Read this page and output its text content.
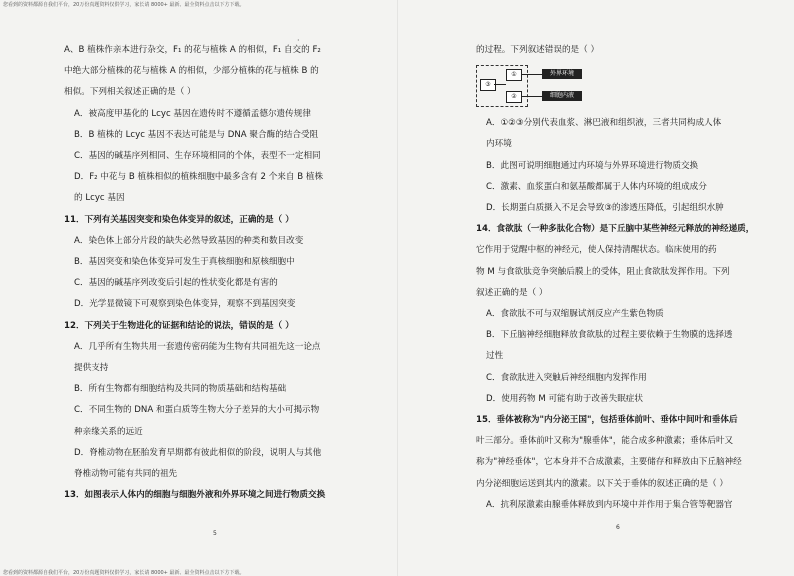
您看到的资料都源自我们平台，20万份真题资料仅供学习，家长请 8000+ 最新、最全资料点击以下方下载。
·

A、B 植株作亲本进行杂交，F₁ 的花与植株 A 的相似，F₁ 自交的 F₂

中绝大部分植株的花与植株 A 的相似，少部分植株的花与植株 B 的

相似。下列相关叙述正确的是（ ）

A．被高度甲基化的 Lcyc 基因在遗传时不遵循孟德尔遗传规律

B．B 植株的 Lcyc 基因不表达可能是与 DNA 聚合酶的结合受阻

C．基因的碱基序列相同、生存环境相同的个体，表型不一定相同

D．F₂ 中花与 B 植株相似的植株细胞中最多含有 2 个来自 B 植株

的 Lcyc 基因

11．下列有关基因突变和染色体变异的叙述，正确的是（ ）

A．染色体上部分片段的缺失必然导致基因的种类和数目改变

B．基因突变和染色体变异可发生于真核细胞和原核细胞中

C．基因的碱基序列改变后引起的性状变化都是有害的

D．光学显微镜下可观察到染色体变异，观察不到基因突变

12．下列关于生物进化的证据和结论的说法，错误的是（ ）

A．几乎所有生物共用一套遗传密码能为生物有共同祖先这一论点

提供支持

B．所有生物都有细胞结构及共同的物质基础和结构基础

C．不同生物的 DNA 和蛋白质等生物大分子差异的大小可揭示物

种亲缘关系的远近

D．脊椎动物在胚胎发育早期都有彼此相似的阶段，说明人与其他

脊椎动物可能有共同的祖先

13．如图表示人体内的细胞与细胞外液和外界环境之间进行物质交换

5

的过程。下列叙述错误的是（ ）

①
②
③
外界环境
细胞内液

A．①②③分别代表血浆、淋巴液和组织液，三者共同构成人体

内环境

B．此图可说明细胞通过内环境与外界环境进行物质交换

C．激素、血浆蛋白和氨基酸都属于人体内环境的组成成分

D．长期蛋白质摄入不足会导致③的渗透压降低，引起组织水肿

14．食欲肽（一种多肽化合物）是下丘脑中某些神经元释放的神经递质，

它作用于觉醒中枢的神经元，使人保持清醒状态。临床使用的药

物 M 与食欲肽竞争突触后膜上的受体，阻止食欲肽发挥作用。下列

叙述正确的是（ ）

A．食欲肽不可与双缩脲试剂反应产生紫色物质

B．下丘脑神经细胞释放食欲肽的过程主要依赖于生物膜的选择透

过性

C．食欲肽进入突触后神经细胞内发挥作用

D．使用药物 M 可能有助于改善失眠症状

15．垂体被称为"内分泌王国"，包括垂体前叶、垂体中间叶和垂体后

叶三部分。垂体前叶又称为"腺垂体"，能合成多种激素；垂体后叶又

称为"神经垂体"，它本身并不合成激素，主要储存和释放由下丘脑神经

内分泌细胞运送到其内的激素。以下关于垂体的叙述正确的是（ ）

A．抗利尿激素由腺垂体释放到内环境中并作用于集合管等靶器官

6
您看到的资料都源自我们平台，20万份真题资料仅供学习，家长请 8000+ 最新、最全资料点击以下方下载。
